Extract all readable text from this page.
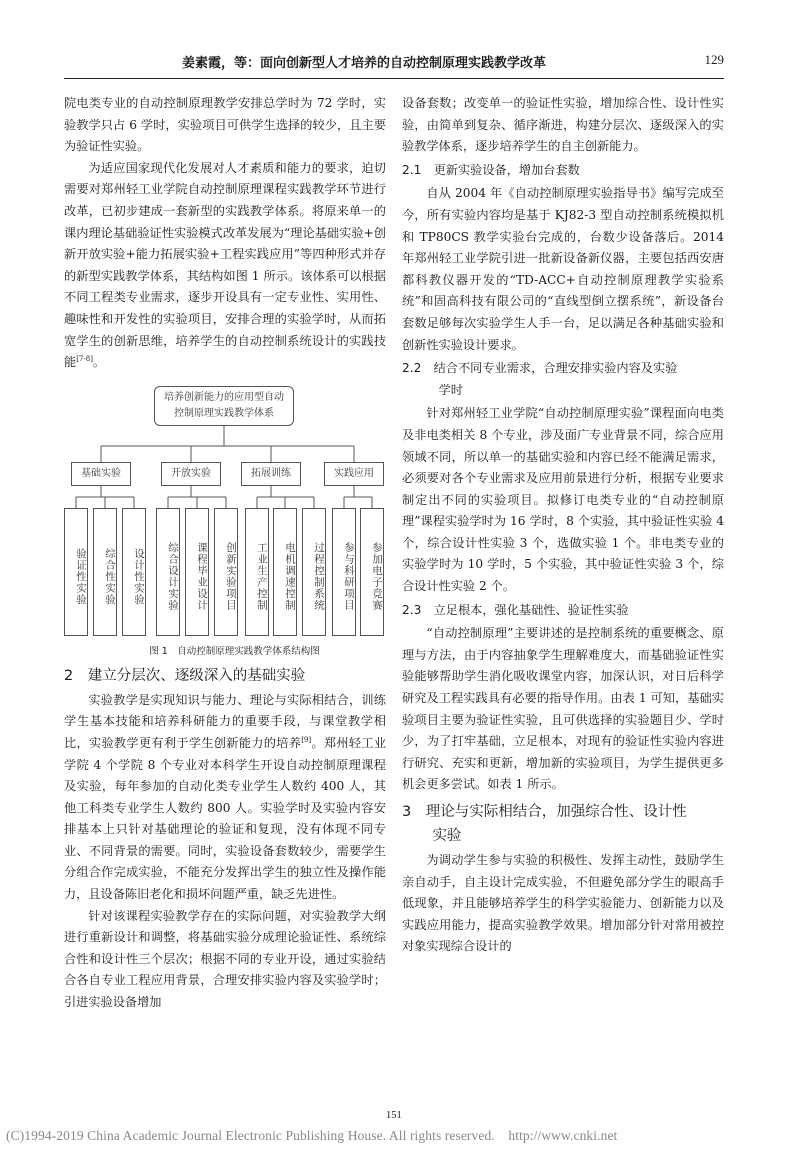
姜素霞，等：面向创新型人才培养的自动控制原理实践教学改革	129

院电类专业的自动控制原理教学安排总学时为 72 学时，实验教学只占 6 学时，实验项目可供学生选择的较少，且主要为验证性实验。

为适应国家现代化发展对人才素质和能力的要求，迫切需要对郑州轻工业学院自动控制原理课程实践教学环节进行改革，已初步建成一套新型的实践教学体系。将原来单一的课内理论基础验证性实验模式改革发展为“理论基础实验+创新开放实验+能力拓展实验+工程实践应用”等四种形式并存的新型实践教学体系，其结构如图 1 所示。该体系可以根据不同工程类专业需求，逐步开设具有一定专业性、实用性、趣味性和开发性的实验项目，安排合理的实验学时，从而拓宽学生的创新思维，培养学生的自动控制系统设计的实践技能[7-8]。

培养创新能力的应用型自动
控制原理实践教学体系
基础实验	开放实验	拓展训练	实践应用
验证性实验	综合性实验	设计性实验	综合设计实验	课程毕业设计	创新实验项目	工业生产控制	电机调速控制	过程控制系统	参与科研项目	参加电子竞赛

图 1　自动控制原理实践教学体系结构图

2　建立分层次、逐级深入的基础实验

实验教学是实现知识与能力、理论与实际相结合，训练学生基本技能和培养科研能力的重要手段，与课堂教学相比，实验教学更有利于学生创新能力的培养[9]。郑州轻工业学院 4 个学院 8 个专业对本科学生开设自动控制原理课程及实验，每年参加的自动化类专业学生人数约 400 人，其他工科类专业学生人数约 800 人。实验学时及实验内容安排基本上只针对基础理论的验证和复现，没有体现不同专业、不同背景的需要。同时，实验设备套数较少，需要学生分组合作完成实验，不能充分发挥出学生的独立性及操作能力，且设备陈旧老化和损坏问题严重，缺乏先进性。

针对该课程实验教学存在的实际问题，对实验教学大纲进行重新设计和调整，将基础实验分成理论验证性、系统综合性和设计性三个层次；根据不同的专业开设，通过实验结合各自专业工程应用背景，合理安排实验内容及实验学时；引进实验设备增加

设备套数；改变单一的验证性实验，增加综合性、设计性实验，由简单到复杂、循序渐进，构建分层次、逐级深入的实验教学体系，逐步培养学生的自主创新能力。

2.1　更新实验设备，增加台套数

自从 2004 年《自动控制原理实验指导书》编写完成至今，所有实验内容均是基于 KJ82-3 型自动控制系统模拟机和 TP80CS 教学实验台完成的，台数少设备落后。2014 年郑州轻工业学院引进一批新设备新仪器，主要包括西安唐都科教仪器开发的“TD-ACC+自动控制原理教学实验系统”和固高科技有限公司的“直线型倒立摆系统”，新设备台套数足够每次实验学生人手一台，足以满足各种基础实验和创新性实验设计要求。

2.2　结合不同专业需求，合理安排实验内容及实验
学时

针对郑州轻工业学院“自动控制原理实验”课程面向电类及非电类相关 8 个专业，涉及面广专业背景不同，综合应用领域不同，所以单一的基础实验和内容已经不能满足需求，必须要对各个专业需求及应用前景进行分析，根据专业要求制定出不同的实验项目。拟修订电类专业的“自动控制原理”课程实验学时为 16 学时，8 个实验，其中验证性实验 4 个，综合设计性实验 3 个，选做实验 1 个。非电类专业的实验学时为 10 学时，5 个实验，其中验证性实验 3 个，综合设计性实验 2 个。

2.3　立足根本，强化基础性、验证性实验

“自动控制原理”主要讲述的是控制系统的重要概念、原理与方法，由于内容抽象学生理解难度大，而基础验证性实验能够帮助学生消化吸收课堂内容，加深认识，对日后科学研究及工程实践具有必要的指导作用。由表 1 可知，基础实验项目主要为验证性实验，且可供选择的实验题目少、学时少，为了打牢基础，立足根本，对现有的验证性实验内容进行研究、充实和更新，增加新的实验项目，为学生提供更多机会更多尝试。如表 1 所示。

3　理论与实际相结合，加强综合性、设计性
实验

为调动学生参与实验的积极性、发挥主动性，鼓励学生亲自动手，自主设计完成实验，不但避免部分学生的眼高手低现象，并且能够培养学生的科学实验能力、创新能力以及实践应用能力，提高实验教学效果。增加部分针对常用被控对象实现综合设计的

151
(C)1994-2019 China Academic Journal Electronic Publishing House. All rights reserved.　http://www.cnki.net
